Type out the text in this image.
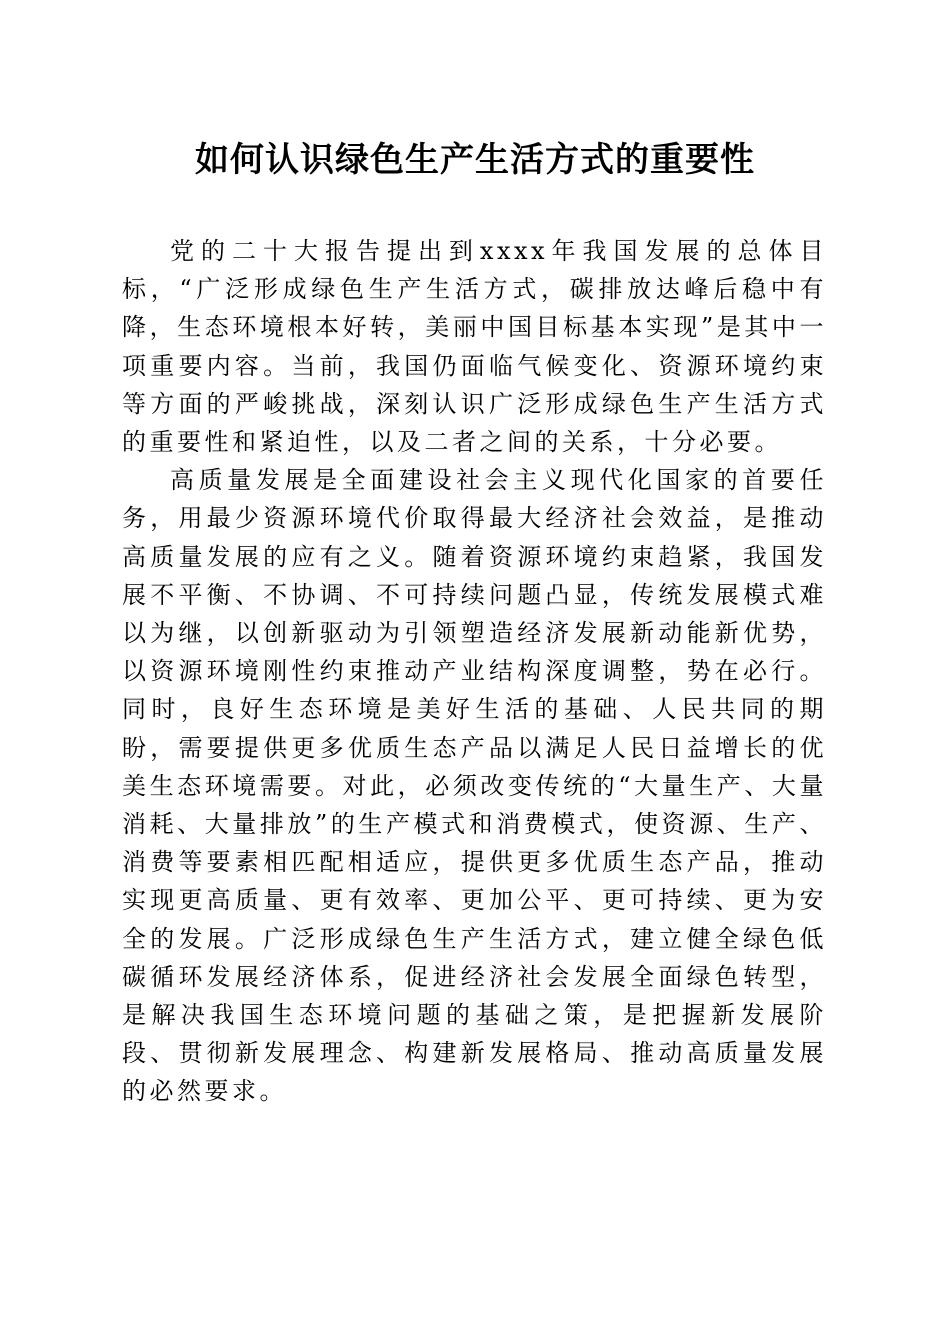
如何认识绿色生产生活方式的重要性

党的二十大报告提出到xxxx年我国发展的总体目标，“广泛形成绿色生产生活方式，碳排放达峰后稳中有降，生态环境根本好转，美丽中国目标基本实现”是其中一项重要内容。当前，我国仍面临气候变化、资源环境约束等方面的严峻挑战，深刻认识广泛形成绿色生产生活方式的重要性和紧迫性，以及二者之间的关系，十分必要。

高质量发展是全面建设社会主义现代化国家的首要任务，用最少资源环境代价取得最大经济社会效益，是推动高质量发展的应有之义。随着资源环境约束趋紧，我国发展不平衡、不协调、不可持续问题凸显，传统发展模式难以为继，以创新驱动为引领塑造经济发展新动能新优势，以资源环境刚性约束推动产业结构深度调整，势在必行。同时，良好生态环境是美好生活的基础、人民共同的期盼，需要提供更多优质生态产品以满足人民日益增长的优美生态环境需要。对此，必须改变传统的“大量生产、大量消耗、大量排放”的生产模式和消费模式，使资源、生产、消费等要素相匹配相适应，提供更多优质生态产品，推动实现更高质量、更有效率、更加公平、更可持续、更为安全的发展。广泛形成绿色生产生活方式，建立健全绿色低碳循环发展经济体系，促进经济社会发展全面绿色转型，是解决我国生态环境问题的基础之策，是把握新发展阶段、贯彻新发展理念、构建新发展格局、推动高质量发展的必然要求。
